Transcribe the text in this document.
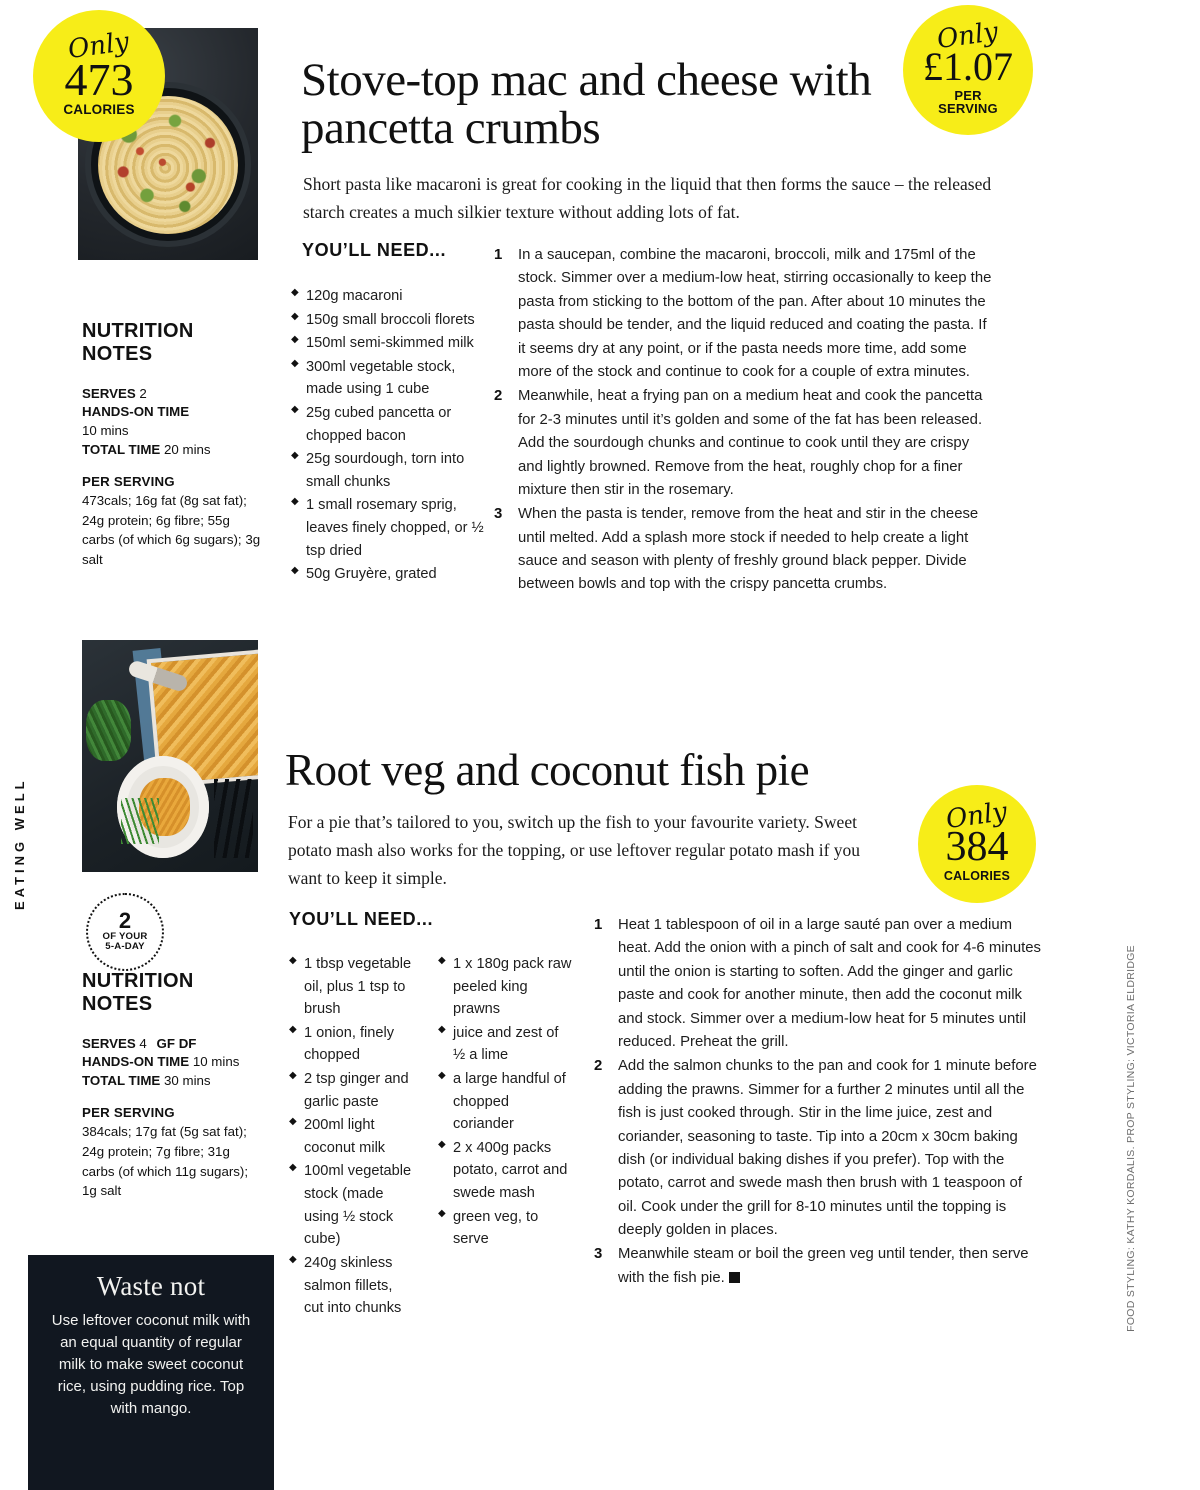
EATING WELL
Only
473
CALORIES
Only
£1.07
PER
SERVING
Stove-top mac and cheese with pancetta crumbs

Short pasta like macaroni is great for cooking in the liquid that then forms the sauce – the released starch creates a much silkier texture without adding lots of fat.

YOU’LL NEED...
◆ 120g macaroni
◆ 150g small broccoli florets
◆ 150ml semi-skimmed milk
◆ 300ml vegetable stock, made using 1 cube
◆ 25g cubed pancetta or chopped bacon
◆ 25g sourdough, torn into small chunks
◆ 1 small rosemary sprig, leaves finely chopped, or ½ tsp dried
◆ 50g Gruyère, grated
1 In a saucepan, combine the macaroni, broccoli, milk and 175ml of the stock. Simmer over a medium-low heat, stirring occasionally to keep the pasta from sticking to the bottom of the pan. After about 10 minutes the pasta should be tender, and the liquid reduced and coating the pasta. If it seems dry at any point, or if the pasta needs more time, add some more of the stock and continue to cook for a couple of extra minutes.
2 Meanwhile, heat a frying pan on a medium heat and cook the pancetta for 2-3 minutes until it’s golden and some of the fat has been released. Add the sourdough chunks and continue to cook until they are crispy and lightly browned. Remove from the heat, roughly chop for a finer mixture then stir in the rosemary.
3 When the pasta is tender, remove from the heat and stir in the cheese until melted. Add a splash more stock if needed to help create a light sauce and season with plenty of freshly ground black pepper. Divide between bowls and top with the crispy pancetta crumbs.
NUTRITION NOTES
SERVES 2
HANDS-ON TIME
10 mins
TOTAL TIME 20 mins
PER SERVING
473cals; 16g fat (8g sat fat); 24g protein; 6g fibre; 55g carbs (of which 6g sugars); 3g salt
Root veg and coconut fish pie

For a pie that’s tailored to you, switch up the fish to your favourite variety. Sweet potato mash also works for the topping, or use leftover regular potato mash if you want to keep it simple.

Only
384
CALORIES
2
OF YOUR
5-A-DAY
NUTRITION NOTES
SERVES 4 GF DF
HANDS-ON TIME 10 mins
TOTAL TIME 30 mins
PER SERVING
384cals; 17g fat (5g sat fat); 24g protein; 7g fibre; 31g carbs (of which 11g sugars); 1g salt
YOU’LL NEED...
◆ 1 tbsp vegetable oil, plus 1 tsp to brush
◆ 1 onion, finely chopped
◆ 2 tsp ginger and garlic paste
◆ 200ml light coconut milk
◆ 100ml vegetable stock (made using ½ stock cube)
◆ 240g skinless salmon fillets, cut into chunks
◆ 1 x 180g pack raw peeled king prawns
◆ juice and zest of ½ a lime
◆ a large handful of chopped coriander
◆ 2 x 400g packs potato, carrot and swede mash
◆ green veg, to serve
1 Heat 1 tablespoon of oil in a large sauté pan over a medium heat. Add the onion with a pinch of salt and cook for 4-6 minutes until the onion is starting to soften. Add the ginger and garlic paste and cook for another minute, then add the coconut milk and stock. Simmer over a medium-low heat for 5 minutes until reduced. Preheat the grill.
2 Add the salmon chunks to the pan and cook for 1 minute before adding the prawns. Simmer for a further 2 minutes until all the fish is just cooked through. Stir in the lime juice, zest and coriander, seasoning to taste. Tip into a 20cm x 30cm baking dish (or individual baking dishes if you prefer). Top with the potato, carrot and swede mash then brush with 1 teaspoon of oil. Cook under the grill for 8-10 minutes until the topping is deeply golden in places.
3 Meanwhile steam or boil the green veg until tender, then serve with the fish pie.
Waste not

Use leftover coconut milk with an equal quantity of regular milk to make sweet coconut rice, using pudding rice. Top with mango.

FOOD STYLING: KATHY KORDALIS. PROP STYLING: VICTORIA ELDRIDGE
